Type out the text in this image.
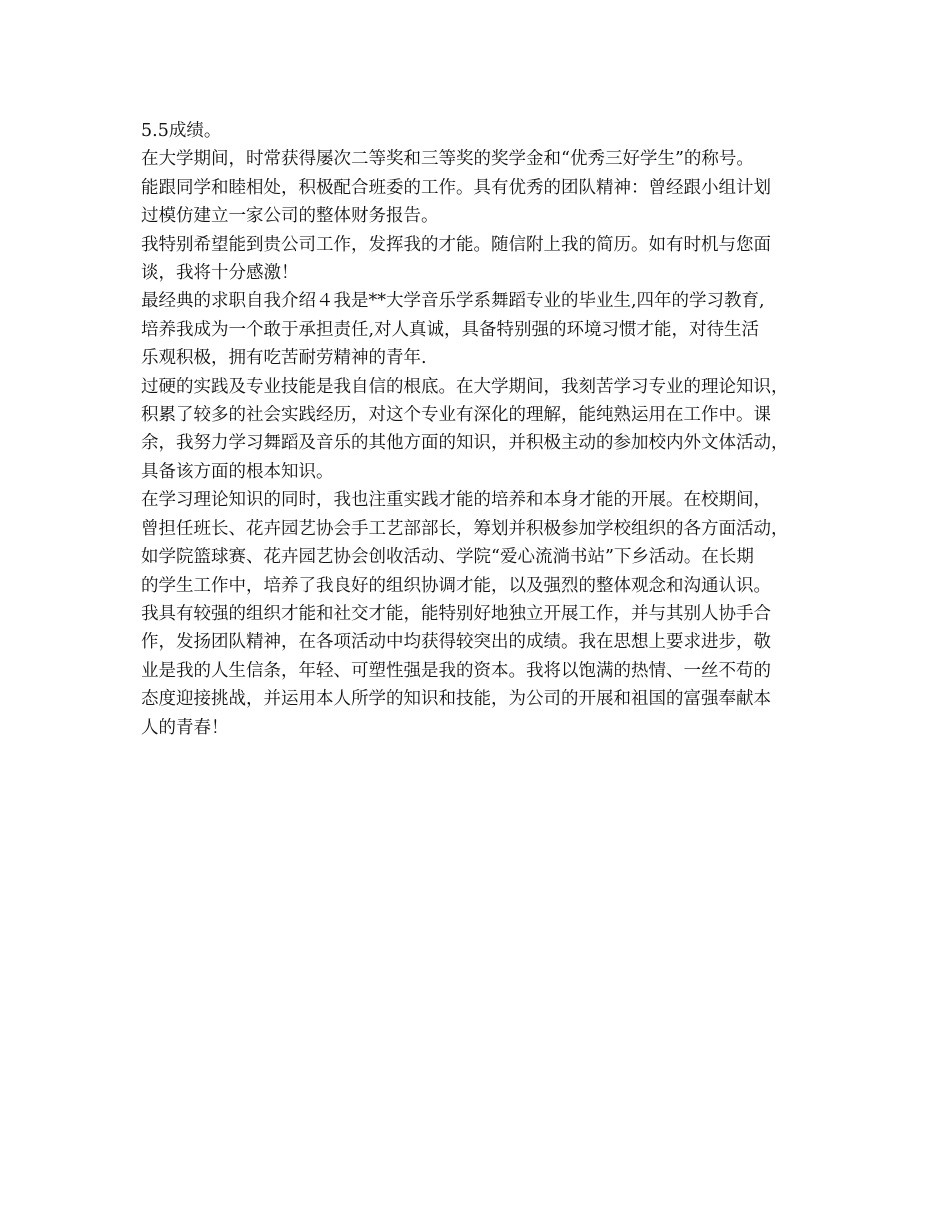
5.5成绩。
在大学期间，时常获得屡次二等奖和三等奖的奖学金和“优秀三好学生”的称号。
能跟同学和睦相处，积极配合班委的工作。具有优秀的团队精神：曾经跟小组计划
过模仿建立一家公司的整体财务报告。
我特别希望能到贵公司工作，发挥我的才能。随信附上我的简历。如有时机与您面
谈，我将十分感激！
最经典的求职自我介绍４我是**大学音乐学系舞蹈专业的毕业生,四年的学习教育,
培养我成为一个敢于承担责任,对人真诚，具备特别强的环境习惯才能，对待生活
乐观积极，拥有吃苦耐劳精神的青年.
过硬的实践及专业技能是我自信的根底。在大学期间，我刻苦学习专业的理论知识，
积累了较多的社会实践经历，对这个专业有深化的理解，能纯熟运用在工作中。课
余，我努力学习舞蹈及音乐的其他方面的知识，并积极主动的参加校内外文体活动，
具备该方面的根本知识。
在学习理论知识的同时，我也注重实践才能的培养和本身才能的开展。在校期间，
曾担任班长、花卉园艺协会手工艺部部长，筹划并积极参加学校组织的各方面活动，
如学院篮球赛、花卉园艺协会创收活动、学院“爱心流淌书站”下乡活动。在长期
的学生工作中，培养了我良好的组织协调才能，以及强烈的整体观念和沟通认识。
我具有较强的组织才能和社交才能，能特别好地独立开展工作，并与其别人协手合
作，发扬团队精神，在各项活动中均获得较突出的成绩。我在思想上要求进步，敬
业是我的人生信条，年轻、可塑性强是我的资本。我将以饱满的热情、一丝不苟的
态度迎接挑战，并运用本人所学的知识和技能，为公司的开展和祖国的富强奉献本
人的青春！
